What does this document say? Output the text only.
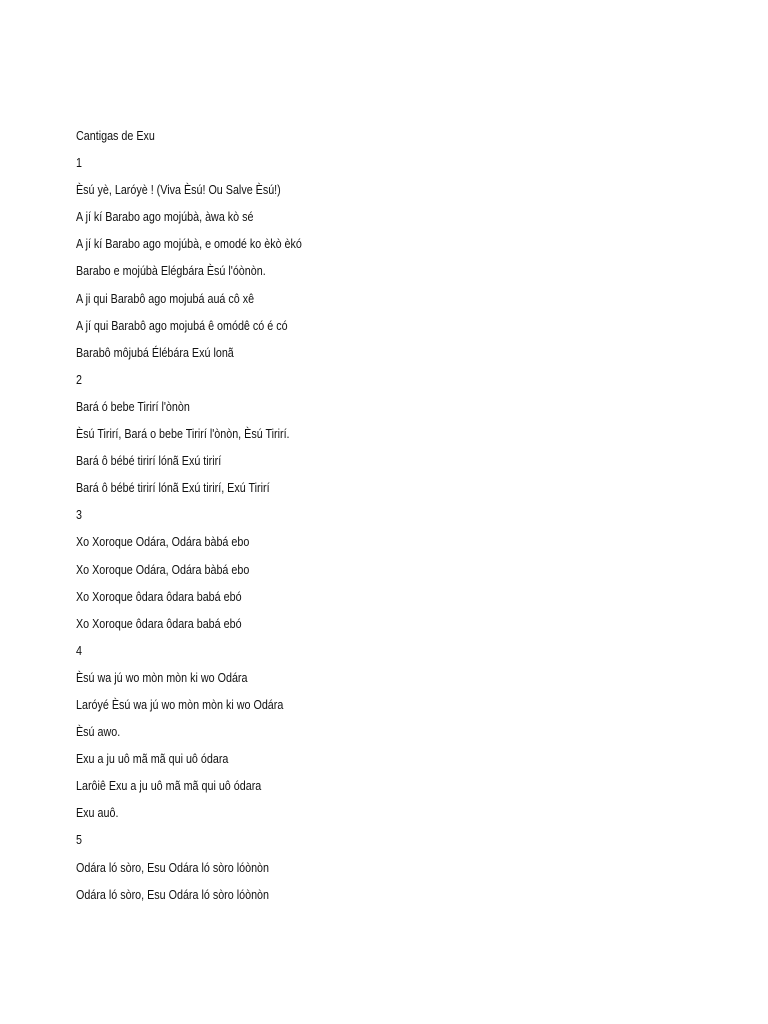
Cantigas de Exu
1
Èsú yè, Laróyè ! (Viva Èsú! Ou Salve Èsú!)
A jí kí Barabo ago mojúbà, àwa kò sé
A jí kí Barabo ago mojúbà, e omodé ko èkò èkó
Barabo e mojúbà Elégbára Èsú l'óònòn.
A ji qui Barabô ago mojubá auá cô xê
A jí qui Barabô ago mojubá ê omódê có é có
Barabô môjubá Élébára Exú lonã
2
Bará ó bebe Tirirí l'ònòn
Èsú Tirirí, Bará o bebe Tirirí l'ònòn, Èsú Tirirí.
Bará ô bébé tirirí lónã Exú tirirí
Bará ô bébé tirirí lónã Exú tirirí, Exú Tirirí
3
Xo Xoroque Odára, Odára bàbá ebo
Xo Xoroque Odára, Odára bàbá ebo
Xo Xoroque ôdara ôdara babá ebó
Xo Xoroque ôdara ôdara babá ebó
4
Èsú wa jú wo mòn mòn ki wo Odára
Laróyé Èsú wa jú wo mòn mòn ki wo Odára
Èsú awo.
Exu a ju uô mã mã qui uô ódara
Larôiê Exu a ju uô mã mã qui uô ódara
Exu auô.
5
Odára ló sòro, Esu Odára ló sòro lóònòn
Odára ló sòro, Esu Odára ló sòro lóònòn
